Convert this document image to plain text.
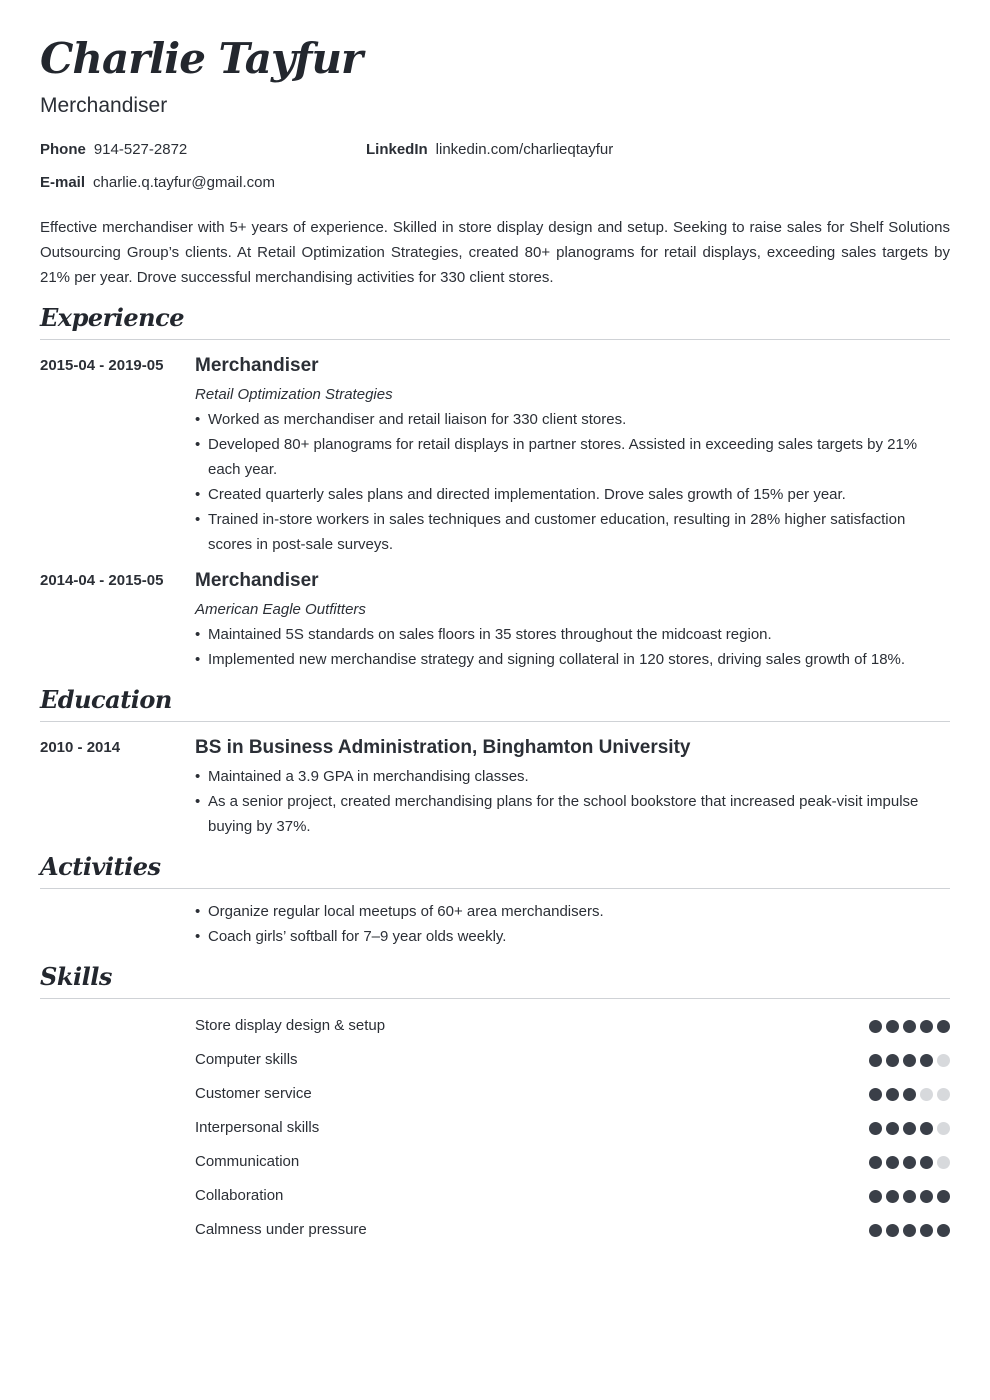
Charlie Tayfur
Merchandiser
Phone 914-527-2872	LinkedIn linkedin.com/charlieqtayfur
E-mail charlie.q.tayfur@gmail.com

Effective merchandiser with 5+ years of experience. Skilled in store display design and setup. Seeking to raise sales for Shelf Solutions Outsourcing Group’s clients. At Retail Optimization Strategies, created 80+ planograms for retail displays, exceeding sales targets by 21% per year. Drove successful merchandising activities for 330 client stores.

Experience
2015-04 - 2019-05 Merchandiser
Retail Optimization Strategies
• Worked as merchandiser and retail liaison for 330 client stores.
• Developed 80+ planograms for retail displays in partner stores. Assisted in exceeding sales targets by 21% each year.
• Created quarterly sales plans and directed implementation. Drove sales growth of 15% per year.
• Trained in-store workers in sales techniques and customer education, resulting in 28% higher satisfaction scores in post-sale surveys.
2014-04 - 2015-05 Merchandiser
American Eagle Outfitters
• Maintained 5S standards on sales floors in 35 stores throughout the midcoast region.
• Implemented new merchandise strategy and signing collateral in 120 stores, driving sales growth of 18%.
Education
2010 - 2014	BS in Business Administration, Binghamton University
• Maintained a 3.9 GPA in merchandising classes.
• As a senior project, created merchandising plans for the school bookstore that increased peak-visit impulse buying by 37%.
Activities
• Organize regular local meetups of 60+ area merchandisers.
• Coach girls’ softball for 7–9 year olds weekly.
Skills
Store display design & setup
Computer skills
Customer service
Interpersonal skills
Communication
Collaboration
Calmness under pressure
